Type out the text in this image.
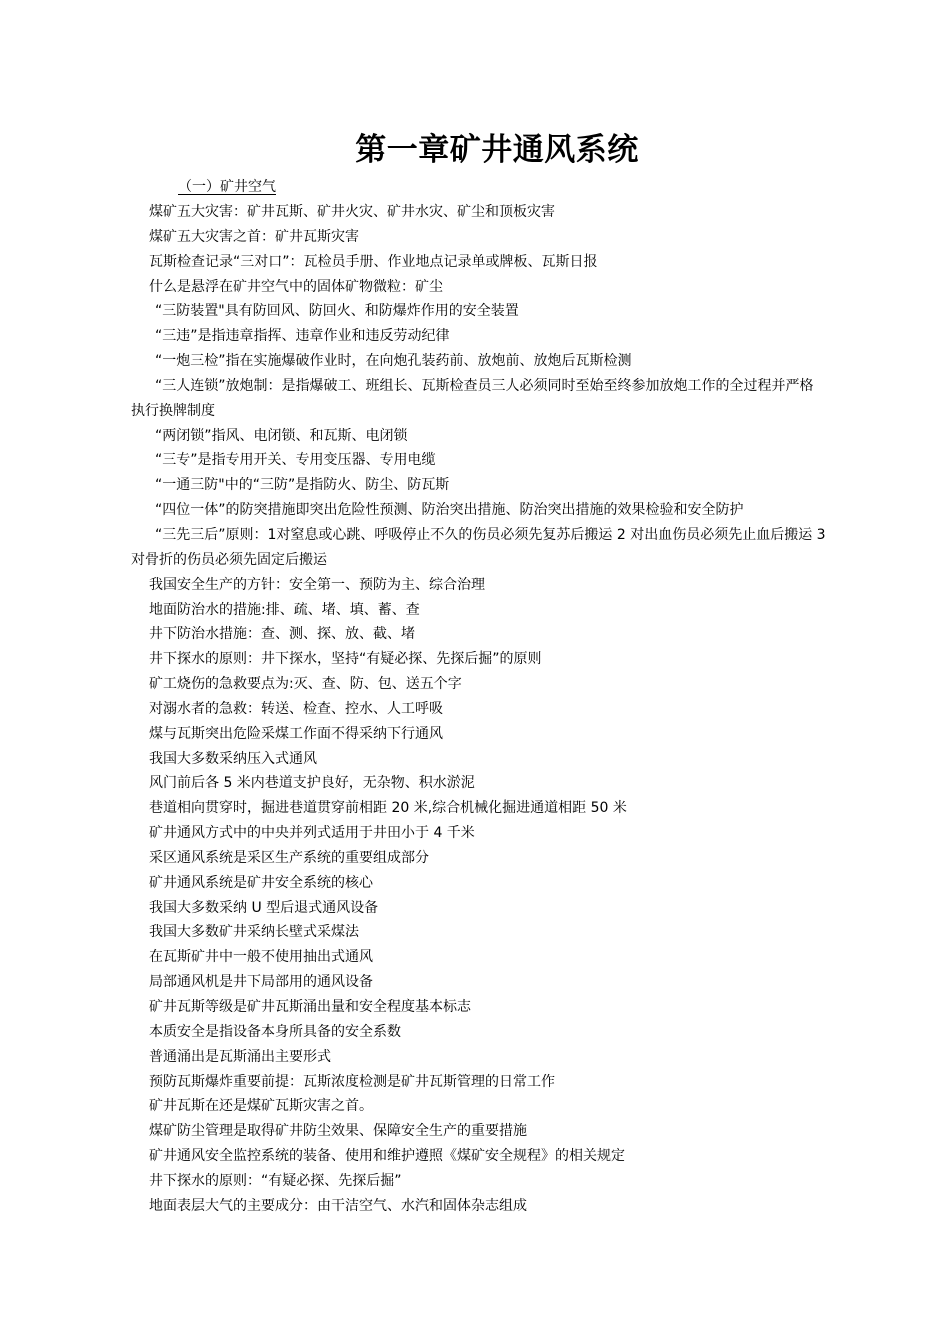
第一章矿井通风系统
（一）矿井空气

煤矿五大灾害：矿井瓦斯、矿井火灾、矿井水灾、矿尘和顶板灾害

煤矿五大灾害之首：矿井瓦斯灾害

瓦斯检查记录“三对口”：瓦检员手册、作业地点记录单或牌板、瓦斯日报

什么是悬浮在矿井空气中的固体矿物微粒：矿尘

“三防装置"具有防回风、防回火、和防爆炸作用的安全装置

“三违”是指违章指挥、违章作业和违反劳动纪律

“一炮三检”指在实施爆破作业时，在向炮孔装药前、放炮前、放炮后瓦斯检测

“三人连锁”放炮制：是指爆破工、班组长、瓦斯检查员三人必须同时至始至终参加放炮工作的全过程并严格执行换牌制度

“两闭锁”指风、电闭锁、和瓦斯、电闭锁

“三专”是指专用开关、专用变压器、专用电缆

“一通三防"中的“三防”是指防火、防尘、防瓦斯

“四位一体”的防突措施即突出危险性预测、防治突出措施、防治突出措施的效果检验和安全防护

“三先三后”原则：1对窒息或心跳、呼吸停止不久的伤员必须先复苏后搬运 2 对出血伤员必须先止血后搬运 3 对骨折的伤员必须先固定后搬运

我国安全生产的方针：安全第一、预防为主、综合治理

地面防治水的措施:排、疏、堵、填、蓄、查

井下防治水措施：查、测、探、放、截、堵

井下探水的原则：井下探水，坚持“有疑必探、先探后掘”的原则

矿工烧伤的急救要点为:灭、查、防、包、送五个字

对溺水者的急救：转送、检查、控水、人工呼吸

煤与瓦斯突出危险采煤工作面不得采纳下行通风

我国大多数采纳压入式通风

风门前后各 5 米内巷道支护良好，无杂物、积水淤泥

巷道相向贯穿时，掘进巷道贯穿前相距 20 米,综合机械化掘进通道相距 50 米

矿井通风方式中的中央并列式适用于井田小于 4 千米

采区通风系统是采区生产系统的重要组成部分

矿井通风系统是矿井安全系统的核心

我国大多数采纳 U 型后退式通风设备

我国大多数矿井采纳长壁式采煤法

在瓦斯矿井中一般不使用抽出式通风

局部通风机是井下局部用的通风设备

矿井瓦斯等级是矿井瓦斯涌出量和安全程度基本标志

本质安全是指设备本身所具备的安全系数

普通涌出是瓦斯涌出主要形式

预防瓦斯爆炸重要前提：瓦斯浓度检测是矿井瓦斯管理的日常工作

矿井瓦斯在还是煤矿瓦斯灾害之首。

煤矿防尘管理是取得矿井防尘效果、保障安全生产的重要措施

矿井通风安全监控系统的装备、使用和维护遵照《煤矿安全规程》的相关规定

井下探水的原则：“有疑必探、先探后掘”

地面表层大气的主要成分：由干洁空气、水汽和固体杂志组成
